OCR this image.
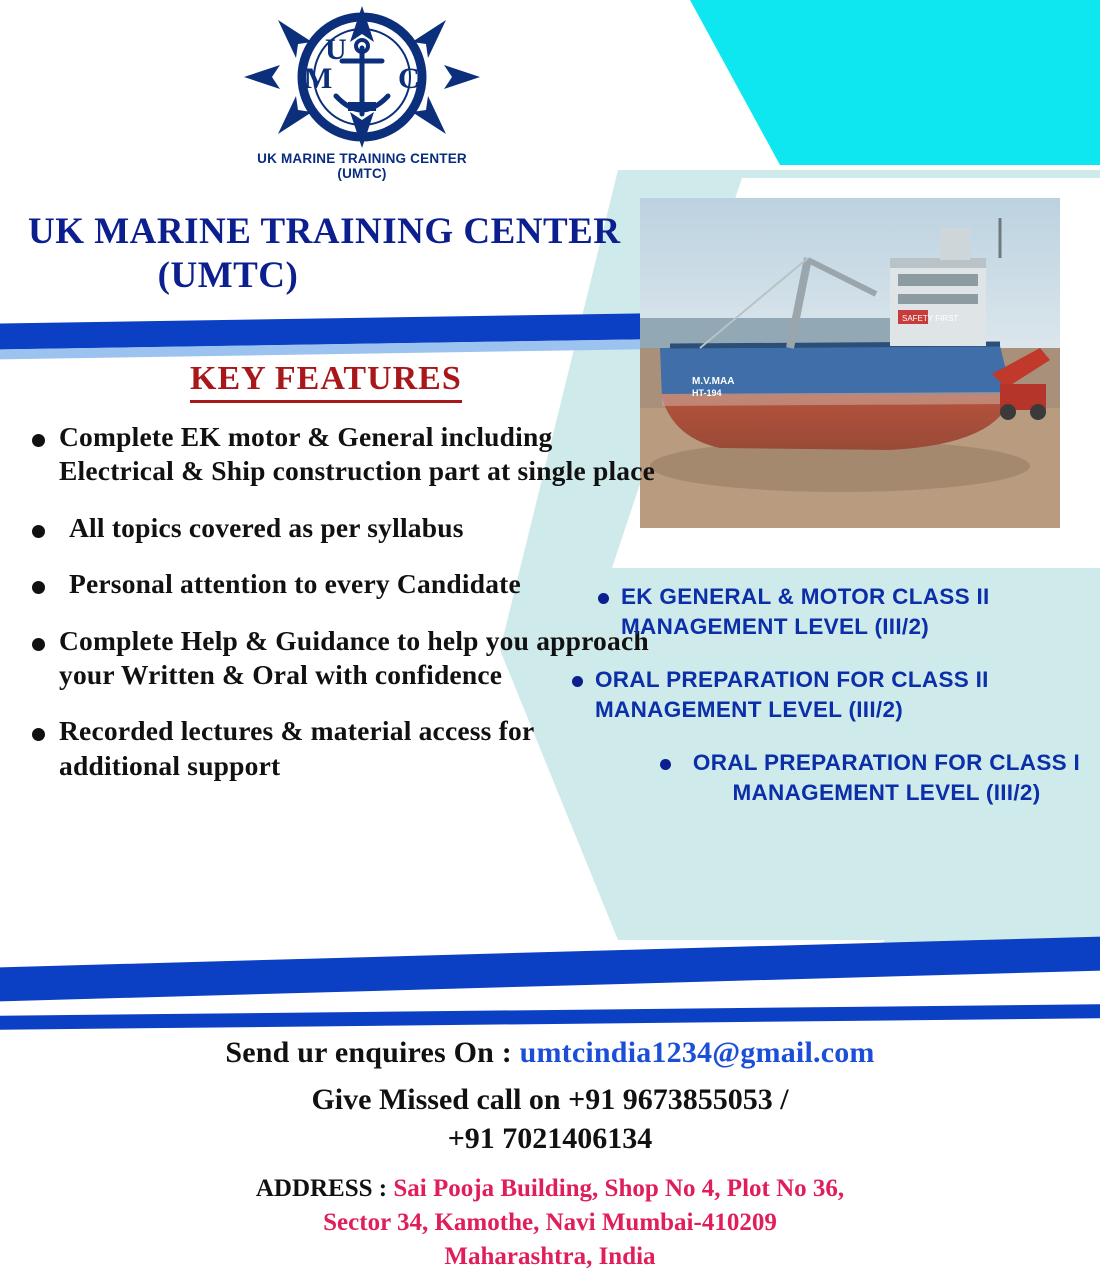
U
M C
UK MARINE TRAINING CENTER (UMTC)
UK MARINE TRAINING CENTER
(UMTC)
KEY FEATURES
SAFETY FIRST
M.V.MAA
HT-194
Complete EK motor & General including Electrical & Ship construction part at single place
All topics covered as per syllabus
Personal attention to every Candidate
Complete Help & Guidance to help you approach your Written & Oral with confidence
Recorded lectures & material access for additional support
EK GENERAL & MOTOR CLASS II MANAGEMENT LEVEL (III/2)
ORAL PREPARATION FOR CLASS II MANAGEMENT LEVEL (III/2)
ORAL PREPARATION FOR CLASS I MANAGEMENT LEVEL (III/2)
Send ur enquires On : umtcindia1234@gmail.com
Give Missed call on +91 9673855053 /
+91 7021406134
ADDRESS : Sai Pooja Building, Shop No 4, Plot No 36,
Sector 34, Kamothe, Navi Mumbai-410209
Maharashtra, India
